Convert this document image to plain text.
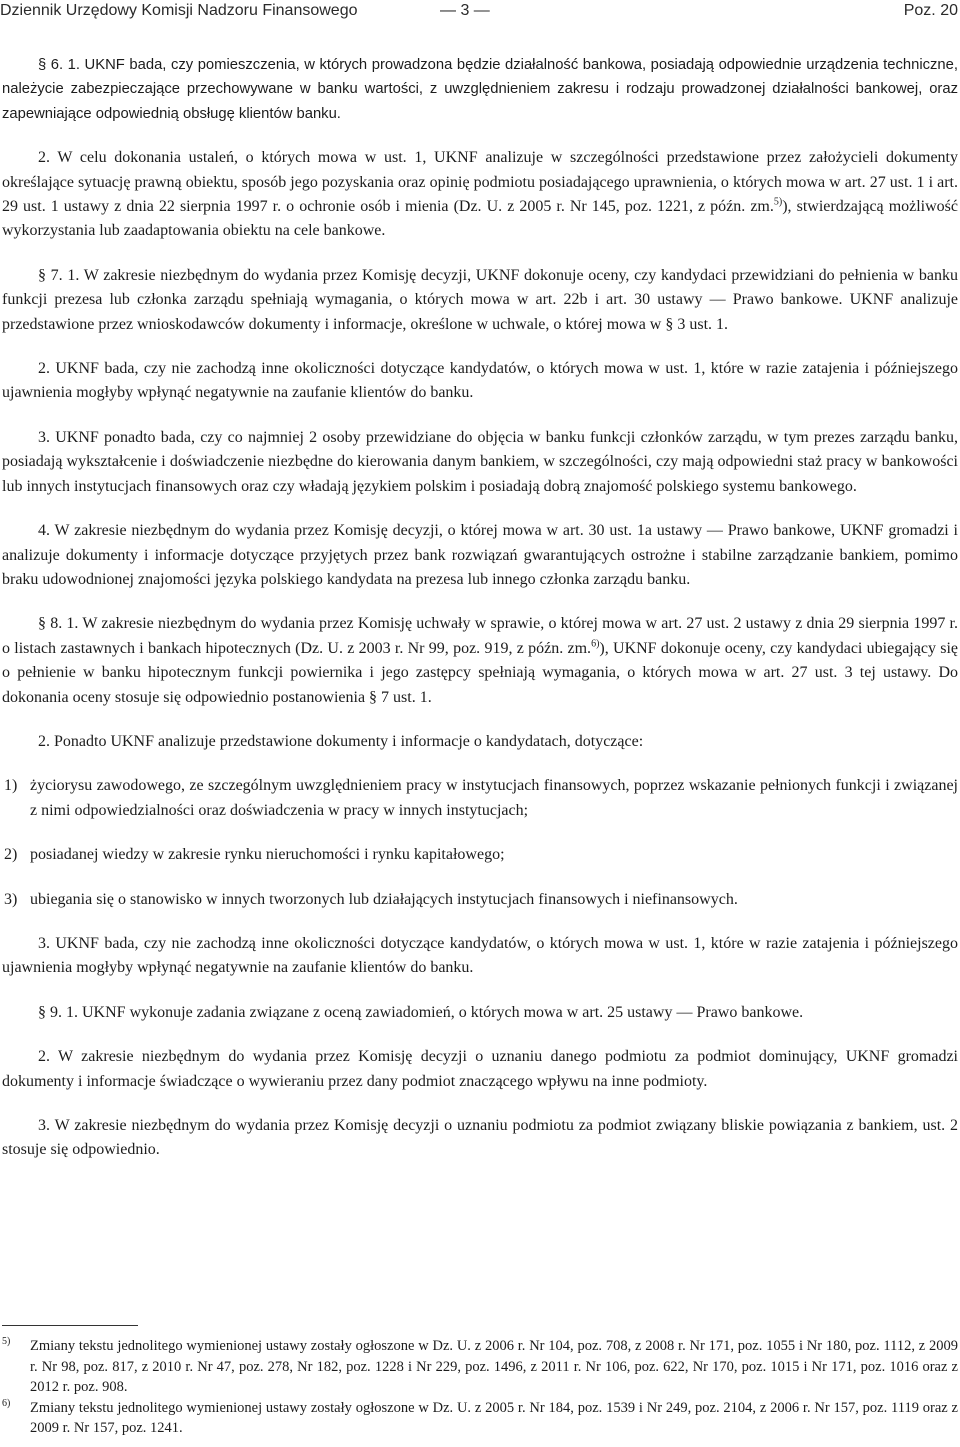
Dziennik Urzędowy Komisji Nadzoru Finansowego	— 3 —	Poz. 20

§ 6. 1. UKNF bada, czy pomieszczenia, w których prowadzona będzie działalność bankowa, posiadają odpowiednie urządzenia techniczne, należycie zabezpieczające przechowywane w banku wartości, z uwzględnieniem zakresu i rodzaju prowadzonej działalności bankowej, oraz zapewniające odpowiednią obsługę klientów banku.

2. W celu dokonania ustaleń, o których mowa w ust. 1, UKNF analizuje w szczególności przedstawione przez założycieli dokumenty określające sytuację prawną obiektu, sposób jego pozyskania oraz opinię podmiotu posiadającego uprawnienia, o których mowa w art. 27 ust. 1 i art. 29 ust. 1 ustawy z dnia 22 sierpnia 1997 r. o ochronie osób i mienia (Dz. U. z 2005 r. Nr 145, poz. 1221, z późn. zm.$^{5)}$), stwierdzającą możliwość wykorzystania lub zaadaptowania obiektu na cele bankowe.

§ 7. 1. W zakresie niezbędnym do wydania przez Komisję decyzji, UKNF dokonuje oceny, czy kandydaci przewidziani do pełnienia w banku funkcji prezesa lub członka zarządu spełniają wymagania, o których mowa w art. 22b i art. 30 ustawy — Prawo bankowe. UKNF analizuje przedstawione przez wnioskodawców dokumenty i informacje, określone w uchwale, o której mowa w § 3 ust. 1.

2. UKNF bada, czy nie zachodzą inne okoliczności dotyczące kandydatów, o których mowa w ust. 1, które w razie zatajenia i późniejszego ujawnienia mogłyby wpłynąć negatywnie na zaufanie klientów do banku.

3. UKNF ponadto bada, czy co najmniej 2 osoby przewidziane do objęcia w banku funkcji członków zarządu, w tym prezes zarządu banku, posiadają wykształcenie i doświadczenie niezbędne do kierowania danym bankiem, w szczególności, czy mają odpowiedni staż pracy w bankowości lub innych instytucjach finansowych oraz czy władają językiem polskim i posiadają dobrą znajomość polskiego systemu bankowego.

4. W zakresie niezbędnym do wydania przez Komisję decyzji, o której mowa w art. 30 ust. 1a ustawy — Prawo bankowe, UKNF gromadzi i analizuje dokumenty i informacje dotyczące przyjętych przez bank rozwiązań gwarantujących ostrożne i stabilne zarządzanie bankiem, pomimo braku udowodnionej znajomości języka polskiego kandydata na prezesa lub innego członka zarządu banku.

§ 8. 1. W zakresie niezbędnym do wydania przez Komisję uchwały w sprawie, o której mowa w art. 27 ust. 2 ustawy z dnia 29 sierpnia 1997 r. o listach zastawnych i bankach hipotecznych (Dz. U. z 2003 r. Nr 99, poz. 919, z późn. zm.$^{6)}$), UKNF dokonuje oceny, czy kandydaci ubiegający się o pełnienie w banku hipotecznym funkcji powiernika i jego zastępcy spełniają wymagania, o których mowa w art. 27 ust. 3 tej ustawy. Do dokonania oceny stosuje się odpowiednio postanowienia § 7 ust. 1.

2. Ponadto UKNF analizuje przedstawione dokumenty i informacje o kandydatach, dotyczące:

1) życiorysu zawodowego, ze szczególnym uwzględnieniem pracy w instytucjach finansowych, poprzez wskazanie pełnionych funkcji i związanej z nimi odpowiedzialności oraz doświadczenia w pracy w innych instytucjach;

2) posiadanej wiedzy w zakresie rynku nieruchomości i rynku kapitałowego;

3) ubiegania się o stanowisko w innych tworzonych lub działających instytucjach finansowych i niefinansowych.

3. UKNF bada, czy nie zachodzą inne okoliczności dotyczące kandydatów, o których mowa w ust. 1, które w razie zatajenia i późniejszego ujawnienia mogłyby wpłynąć negatywnie na zaufanie klientów do banku.

§ 9. 1. UKNF wykonuje zadania związane z oceną zawiadomień, o których mowa w art. 25 ustawy — Prawo bankowe.

2. W zakresie niezbędnym do wydania przez Komisję decyzji o uznaniu danego podmiotu za podmiot dominujący, UKNF gromadzi dokumenty i informacje świadczące o wywieraniu przez dany podmiot znaczącego wpływu na inne podmioty.

3. W zakresie niezbędnym do wydania przez Komisję decyzji o uznaniu podmiotu za podmiot związany bliskie powiązania z bankiem, ust. 2 stosuje się odpowiednio.

5) Zmiany tekstu jednolitego wymienionej ustawy zostały ogłoszone w Dz. U. z 2006 r. Nr 104, poz. 708, z 2008 r. Nr 171, poz. 1055 i Nr 180, poz. 1112, z 2009 r. Nr 98, poz. 817, z 2010 r. Nr 47, poz. 278, Nr 182, poz. 1228 i Nr 229, poz. 1496, z 2011 r. Nr 106, poz. 622, Nr 170, poz. 1015 i Nr 171, poz. 1016 oraz z 2012 r. poz. 908.

6) Zmiany tekstu jednolitego wymienionej ustawy zostały ogłoszone w Dz. U. z 2005 r. Nr 184, poz. 1539 i Nr 249, poz. 2104, z 2006 r. Nr 157, poz. 1119 oraz z 2009 r. Nr 157, poz. 1241.
